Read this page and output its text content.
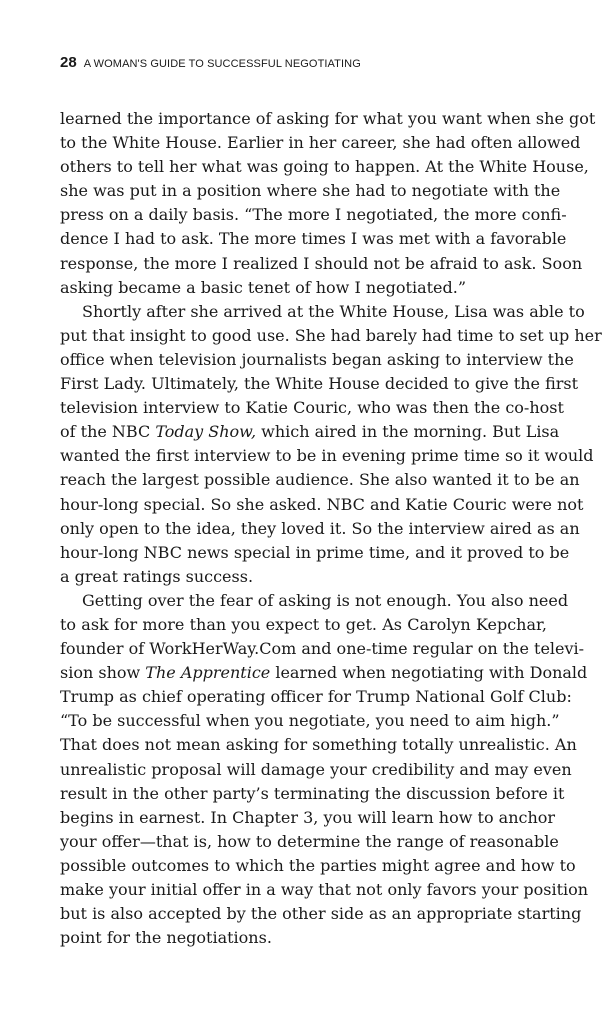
28 A WOMAN'S GUIDE TO SUCCESSFUL NEGOTIATING
learned the importance of asking for what you want when she got
to the White House. Earlier in her career, she had often allowed
others to tell her what was going to happen. At the White House,
she was put in a position where she had to negotiate with the
press on a daily basis. “The more I negotiated, the more confi-
dence I had to ask. The more times I was met with a favorable
response, the more I realized I should not be afraid to ask. Soon
asking became a basic tenet of how I negotiated.”
Shortly after she arrived at the White House, Lisa was able to
put that insight to good use. She had barely had time to set up her
office when television journalists began asking to interview the
First Lady. Ultimately, the White House decided to give the first
television interview to Katie Couric, who was then the co-host
of the NBC Today Show, which aired in the morning. But Lisa
wanted the first interview to be in evening prime time so it would
reach the largest possible audience. She also wanted it to be an
hour-long special. So she asked. NBC and Katie Couric were not
only open to the idea, they loved it. So the interview aired as an
hour-long NBC news special in prime time, and it proved to be
a great ratings success.
Getting over the fear of asking is not enough. You also need
to ask for more than you expect to get. As Carolyn Kepchar,
founder of WorkHerWay.Com and one-time regular on the televi-
sion show The Apprentice learned when negotiating with Donald
Trump as chief operating officer for Trump National Golf Club:
“To be successful when you negotiate, you need to aim high.”
That does not mean asking for something totally unrealistic. An
unrealistic proposal will damage your credibility and may even
result in the other party’s terminating the discussion before it
begins in earnest. In Chapter 3, you will learn how to anchor
your offer—that is, how to determine the range of reasonable
possible outcomes to which the parties might agree and how to
make your initial offer in a way that not only favors your position
but is also accepted by the other side as an appropriate starting
point for the negotiations.
